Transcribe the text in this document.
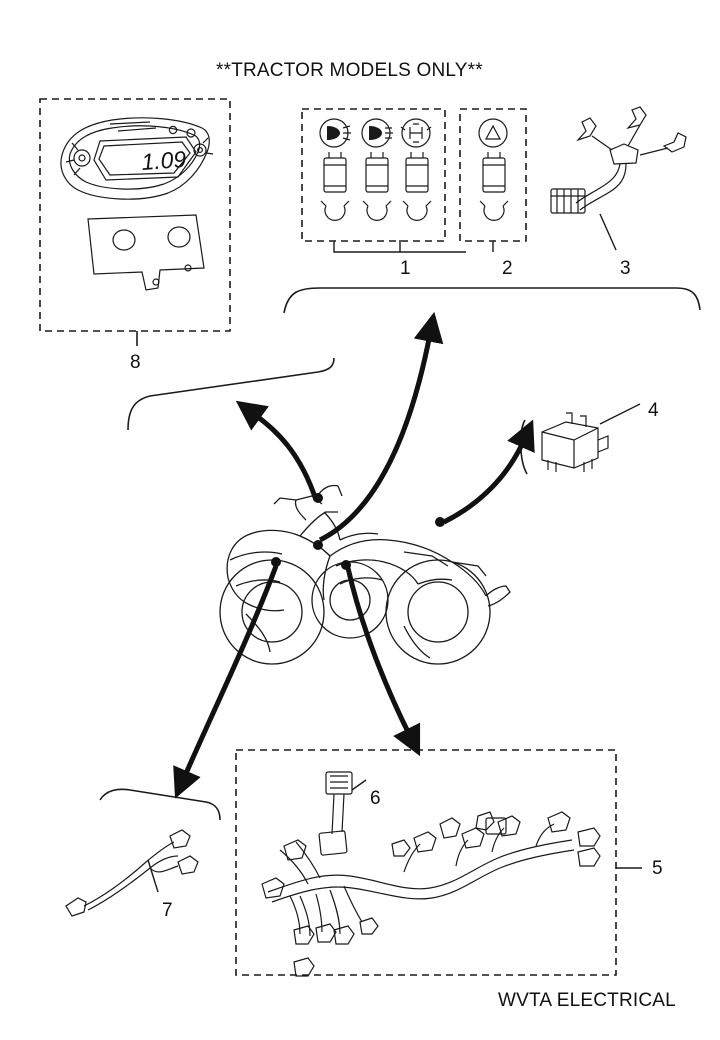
1.09
**TRACTOR MODELS ONLY**
WVTA ELECTRICAL
1	2	3
4
5
6
7
8
